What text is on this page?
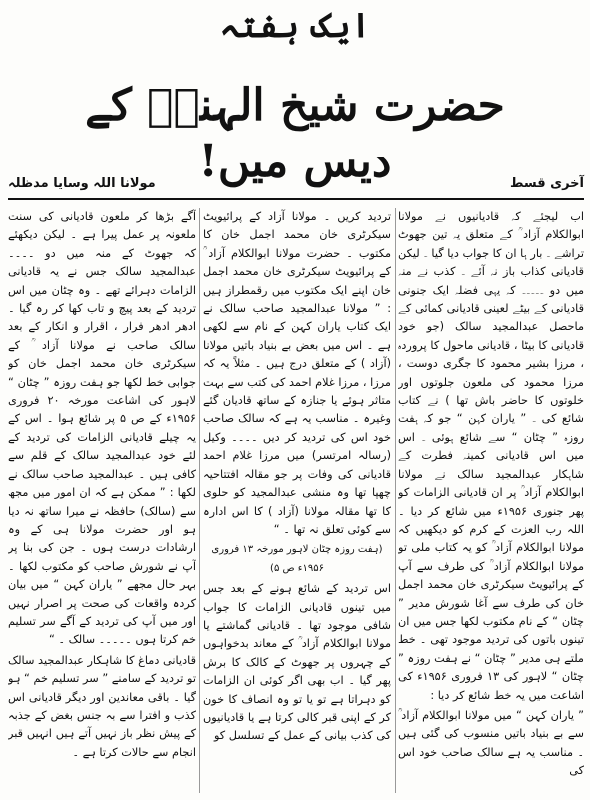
ایک ہفتہ
حضرت شیخ الہندؒ کے دیس میں!	آخری قسط
مولانا اللہ وسایا مدظلہ

اب لیجئے کہ قادیانیوں نے مولانا ابوالکلام آزاد ؒ کے متعلق یہ تین جھوٹ تراشے ۔ بار ہا ان کا جواب دیا گیا ۔ لیکن قادیانی کذاب باز نہ آئے ۔ کذب نے منہ میں دو ۔۔۔۔۔ کہ یہی فضلہ ایک جنونی قادیانی کے بیٹے لعینی قادیانی کمائی کے ماحصل عبدالمجید سالک (جو خود قادیانی کا بیٹا ، قادیانی ماحول کا پروردہ ، مرزا بشیر محمود کا جگری دوست ، مرزا محمود کی ملعون جلوتوں اور خلوتوں کا حاضر باش تھا ) نے کتاب شائع کی ۔ ” یاران کہن “ جو کہ ہفت روزہ ” چٹان “ سے شائع ہوئی ۔ اس میں اس قادیانی کمینہ فطرت کے شاہکار عبدالمجید سالک نے مولانا ابوالکلام آزاد ؒ پر ان قادیانی الزامات کو پھر جنوری ۱۹۵۶ء میں شائع کر دیا ۔ اللہ رب العزت کے کرم کو دیکھیں کہ مولانا ابوالکلام آزاد ؒ کو یہ کتاب ملی تو مولانا ابوالکلام آزاد ؒ کی طرف سے آپ کے پرائیویٹ سیکرٹری خان محمد اجمل خان کی طرف سے آغا شورش مدیر ” چٹان “ کے نام مکتوب لکھا جس میں ان تینوں باتوں کی تردید موجود تھی ۔ خط ملتے ہی مدیر ” چٹان “ نے ہفت روزہ ” چٹان “ لاہور کی ۱۳ فروری ۱۹۵۶ء کی اشاعت میں یہ خط شائع کر دیا :

” یاران کہن “ میں مولانا ابوالکلام آزاد ؒ سے بے بنیاد باتیں منسوب کی گئی ہیں ۔ مناسب یہ ہے سالک صاحب خود اس کی

تردید کریں ۔ مولانا آزاد کے پرائیویٹ سیکرٹری خان محمد اجمل خان کا مکتوب ۔ حضرت مولانا ابوالکلام آزاد ؒ کے پرائیویٹ سیکرٹری خان محمد اجمل خان اپنے ایک مکتوب میں رقمطراز ہیں : ” مولانا عبدالمجید صاحب سالک نے ایک کتاب یاران کہن کے نام سے لکھی ہے ۔ اس میں بعض بے بنیاد باتیں مولانا (آزاد ) کے متعلق درج ہیں ۔ مثلاً یہ کہ مرزا ، مرزا غلام احمد کی کتب سے بہت متاثر ہوئے یا جنازہ کے ساتھ قادیان گئے وغیرہ ۔ مناسب یہ ہے کہ سالک صاحب خود اس کی تردید کر دیں ۔۔۔۔ وکیل (رسالہ امرتسر) میں مرزا غلام احمد قادیانی کی وفات پر جو مقالہ افتتاحیہ چھپا تھا وہ منشی عبدالمجید کو حلوی کا تھا مقالہ مولانا (آزاد ) کا اس ادارہ سے کوئی تعلق نہ تھا ۔ “

(ہفت روزہ چٹان لاہور مورخہ ۱۳ فروری ۱۹۵۶ء ص ۵)

اس تردید کے شائع ہونے کے بعد جس میں تینوں قادیانی الزامات کا جواب شافی موجود تھا ۔ قادیانی گماشتے یا مولانا ابوالکلام آزاد ؒ کے معاند بدخواہوں کے چہروں پر جھوٹ کے کالک کا برش پھر گیا ۔ اب بھی اگر کوئی ان الزامات کو دہراتا ہے تو یا تو وہ انصاف کا خون کر کے اپنی قبر کالی کرتا ہے یا قادیانیوں کی کذب بیانی کے عمل کے تسلسل کو

آگے بڑھا کر ملعون قادیانی کی سنت ملعونہ پر عمل پیرا ہے ۔ لیکن دیکھئے کہ جھوٹ کے منہ میں دو ۔۔۔۔ عبدالمجید سالک جس نے یہ قادیانی الزامات دہرائے تھے ۔ وہ چٹان میں اس تردید کے بعد پیچ و تاب کھا کر رہ گیا ۔ ادھر ادھر فرار ، اقرار و انکار کے بعد سالک صاحب نے مولانا آزاد ؒ کے سیکرٹری خان محمد اجمل خان کو جوابی خط لکھا جو ہفت روزہ ” چٹان “ لاہور کی اشاعت مورخہ ۲۰ فروری ۱۹۵۶ء کے ص ۵ پر شائع ہوا ۔ اس کے یہ چیلے قادیانی الزامات کی تردید کے لئے خود عبدالمجید سالک کے قلم سے کافی ہیں ۔ عبدالمجید صاحب سالک نے لکھا : ” ممکن ہے کہ ان امور میں مجھ سے (سالک) حافظہ نے میرا ساتھ نہ دیا ہو اور حضرت مولانا ہی کے وہ ارشادات درست ہوں ۔ جن کی بنا پر آپ نے شورش صاحب کو مکتوب لکھا ۔ بہر حال مجھے ” یاران کہن “ میں بیان کردہ واقعات کی صحت پر اصرار نہیں اور میں آپ کی تردید کے آگے سر تسلیم خم کرتا ہوں ۔۔۔۔۔ سالک ۔ “

قادیانی دماغ کا شاہکار عبدالمجید سالک تو تردید کے سامنے ” سر تسلیم خم “ ہو گیا ۔ باقی معاندین اور دیگر قادیانی اس کذب و افترا سے بہ جنس بغض کے جذبہ کے پیش نظر باز نہیں آتے ہیں انہیں قبر انجام سے حالات کرتا ہے ۔
